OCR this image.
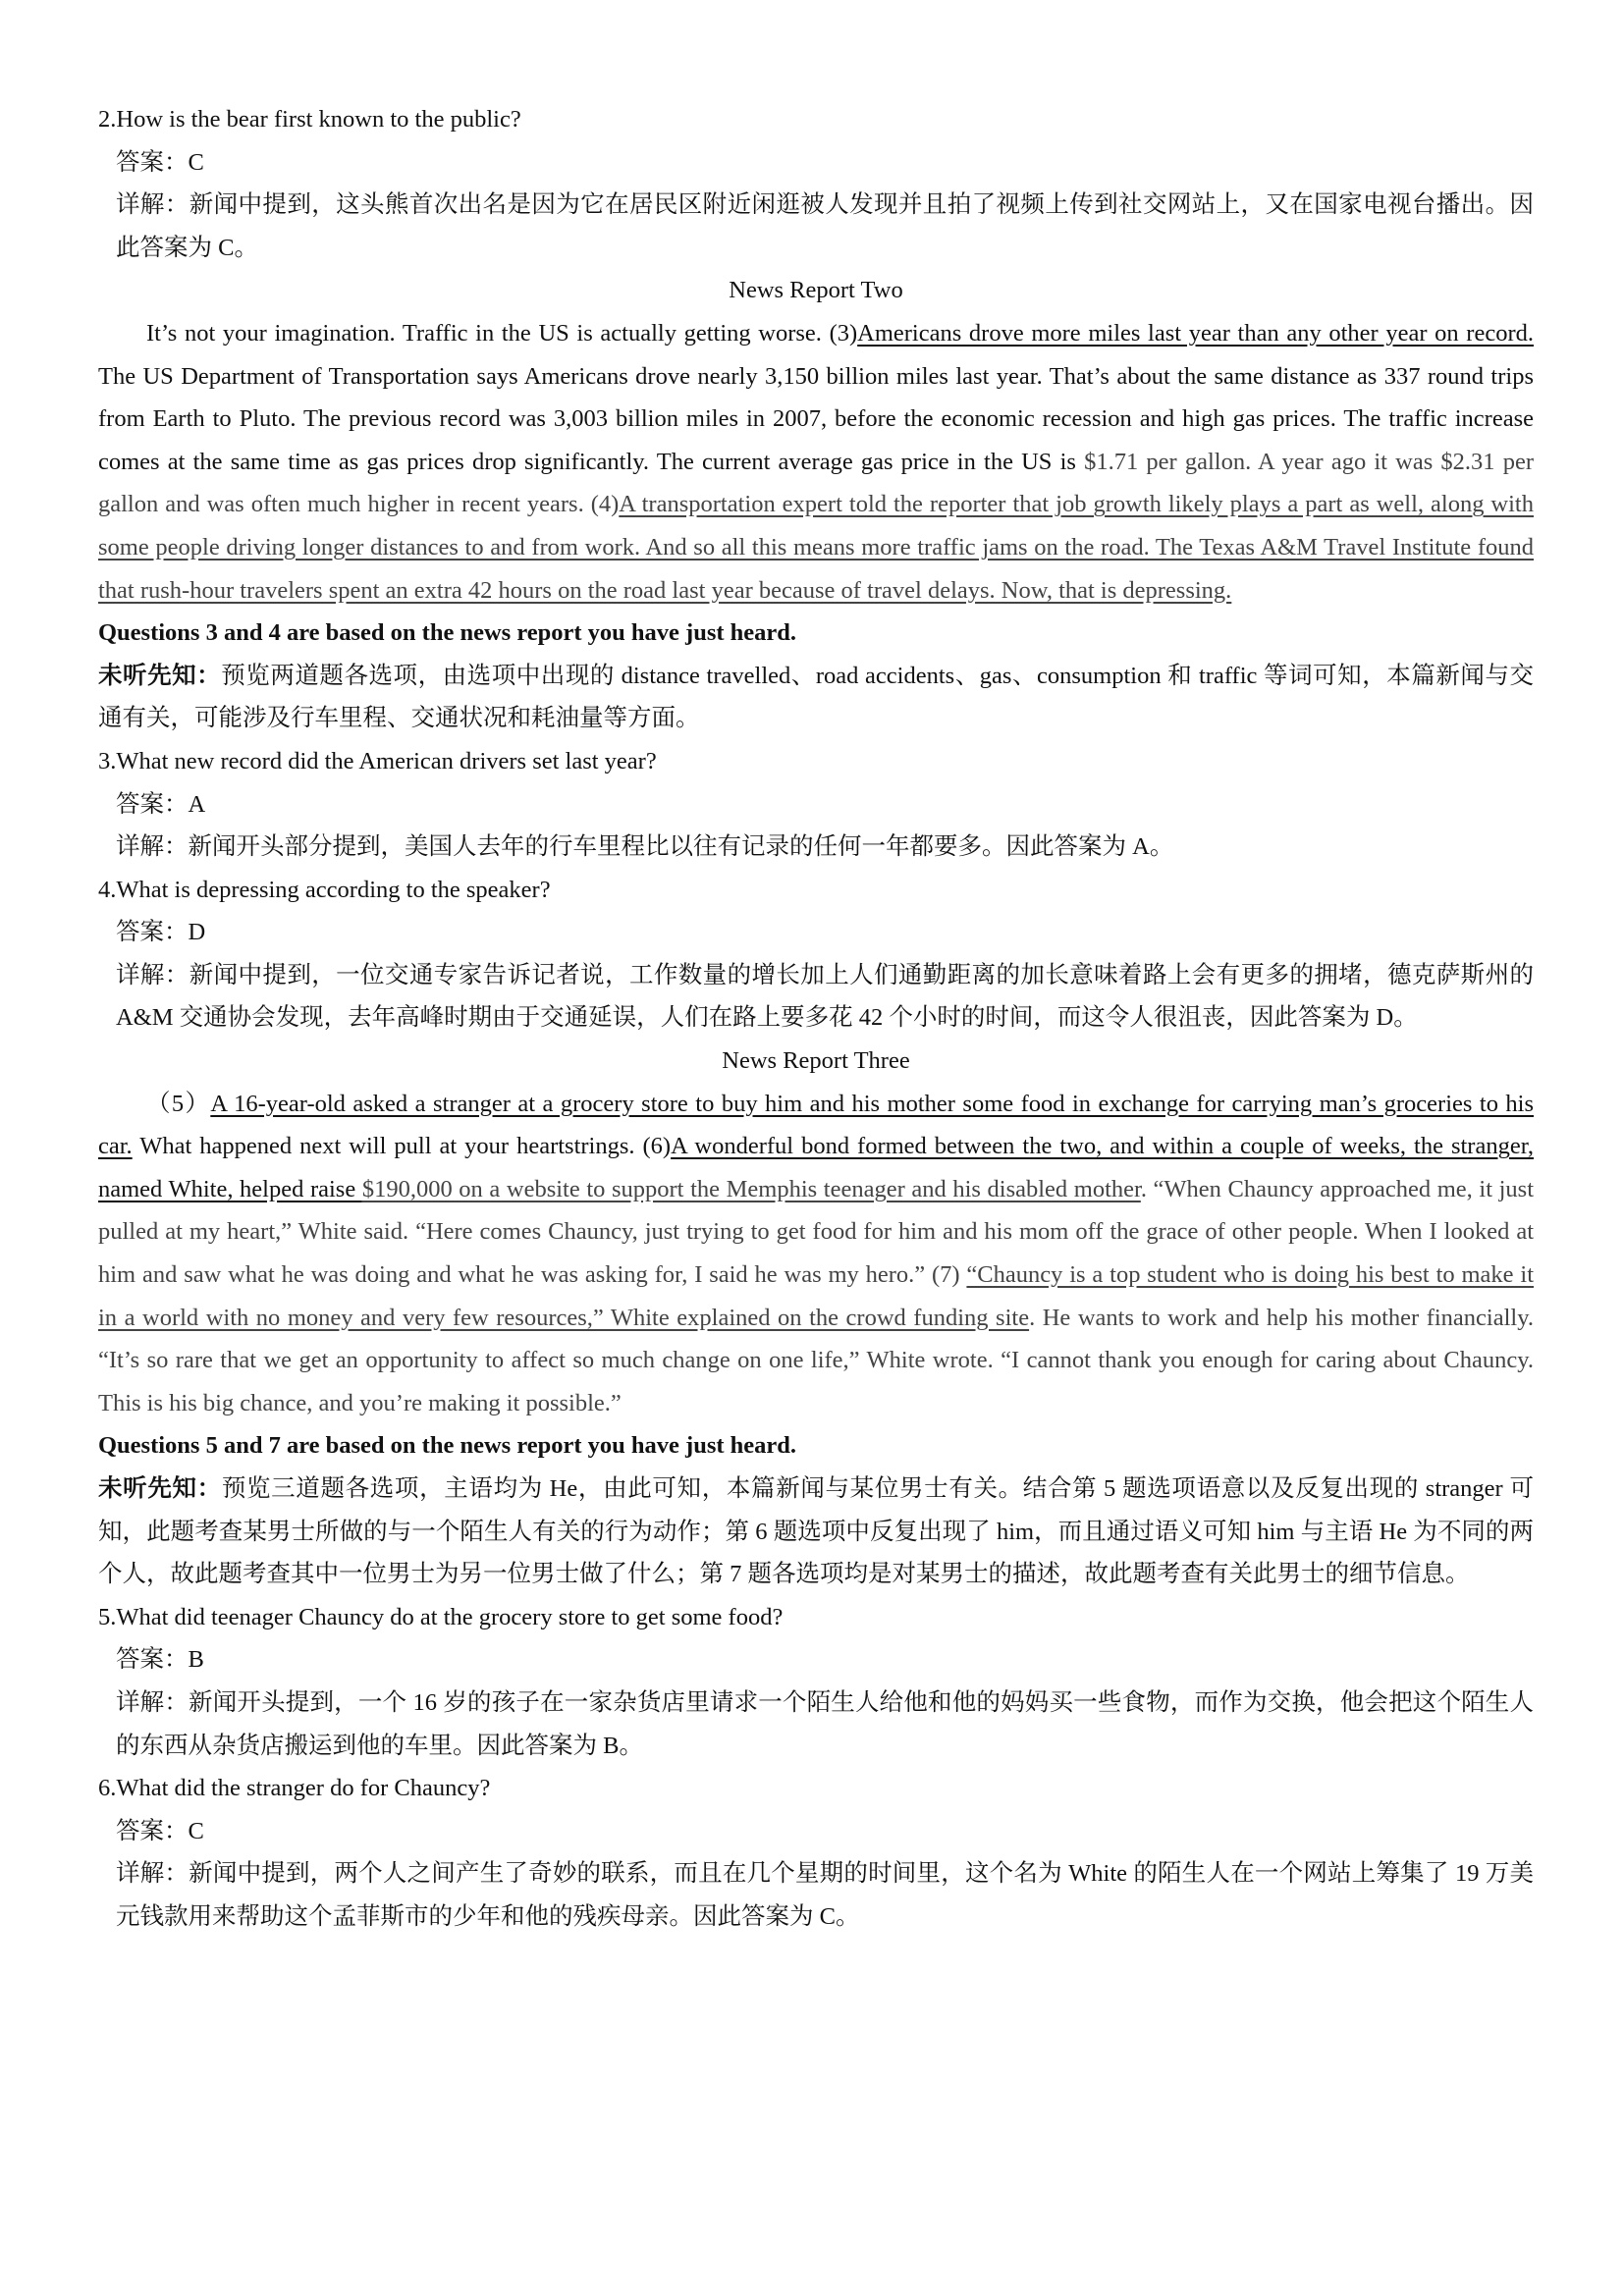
2.How is the bear first known to the public?

答案：C

详解：新闻中提到，这头熊首次出名是因为它在居民区附近闲逛被人发现并且拍了视频上传到社交网站上，又在国家电视台播出。因此答案为 C。

News Report Two

It’s not your imagination. Traffic in the US is actually getting worse. (3)Americans drove more miles last year than any other year on record. The US Department of Transportation says Americans drove nearly 3,150 billion miles last year. That’s about the same distance as 337 round trips from Earth to Pluto. The previous record was 3,003 billion miles in 2007, before the economic recession and high gas prices. The traffic increase comes at the same time as gas prices drop significantly. The current average gas price in the US is $1.71 per gallon. A year ago it was $2.31 per gallon and was often much higher in recent years. (4)A transportation expert told the reporter that job growth likely plays a part as well, along with some people driving longer distances to and from work. And so all this means more traffic jams on the road. The Texas A&M Travel Institute found that rush-hour travelers spent an extra 42 hours on the road last year because of travel delays. Now, that is depressing.

Questions 3 and 4 are based on the news report you have just heard.

未听先知：预览两道题各选项，由选项中出现的 distance travelled、road accidents、gas、consumption 和 traffic 等词可知，本篇新闻与交通有关，可能涉及行车里程、交通状况和耗油量等方面。

3.What new record did the American drivers set last year?

答案：A

详解：新闻开头部分提到，美国人去年的行车里程比以往有记录的任何一年都要多。因此答案为 A。

4.What is depressing according to the speaker?

答案：D

详解：新闻中提到，一位交通专家告诉记者说，工作数量的增长加上人们通勤距离的加长意味着路上会有更多的拥堵，德克萨斯州的 A&M 交通协会发现，去年高峰时期由于交通延误，人们在路上要多花 42 个小时的时间，而这令人很沮丧，因此答案为 D。

News Report Three

（5）A 16-year-old asked a stranger at a grocery store to buy him and his mother some food in exchange for carrying man’s groceries to his car. What happened next will pull at your heartstrings. (6)A wonderful bond formed between the two, and within a couple of weeks, the stranger, named White, helped raise $190,000 on a website to support the Memphis teenager and his disabled mother. “When Chauncy approached me, it just pulled at my heart,” White said. “Here comes Chauncy, just trying to get food for him and his mom off the grace of other people. When I looked at him and saw what he was doing and what he was asking for, I said he was my hero.” (7) “Chauncy is a top student who is doing his best to make it in a world with no money and very few resources,” White explained on the crowd funding site. He wants to work and help his mother financially. “It’s so rare that we get an opportunity to affect so much change on one life,” White wrote. “I cannot thank you enough for caring about Chauncy. This is his big chance, and you’re making it possible.”

Questions 5 and 7 are based on the news report you have just heard.

未听先知：预览三道题各选项，主语均为 He，由此可知，本篇新闻与某位男士有关。结合第 5 题选项语意以及反复出现的 stranger 可知，此题考查某男士所做的与一个陌生人有关的行为动作；第 6 题选项中反复出现了 him，而且通过语义可知 him 与主语 He 为不同的两个人，故此题考查其中一位男士为另一位男士做了什么；第 7 题各选项均是对某男士的描述，故此题考查有关此男士的细节信息。

5.What did teenager Chauncy do at the grocery store to get some food?

答案：B

详解：新闻开头提到，一个 16 岁的孩子在一家杂货店里请求一个陌生人给他和他的妈妈买一些食物，而作为交换，他会把这个陌生人的东西从杂货店搬运到他的车里。因此答案为 B。

6.What did the stranger do for Chauncy?

答案：C

详解：新闻中提到，两个人之间产生了奇妙的联系，而且在几个星期的时间里，这个名为 White 的陌生人在一个网站上筹集了 19 万美元钱款用来帮助这个孟菲斯市的少年和他的残疾母亲。因此答案为 C。
